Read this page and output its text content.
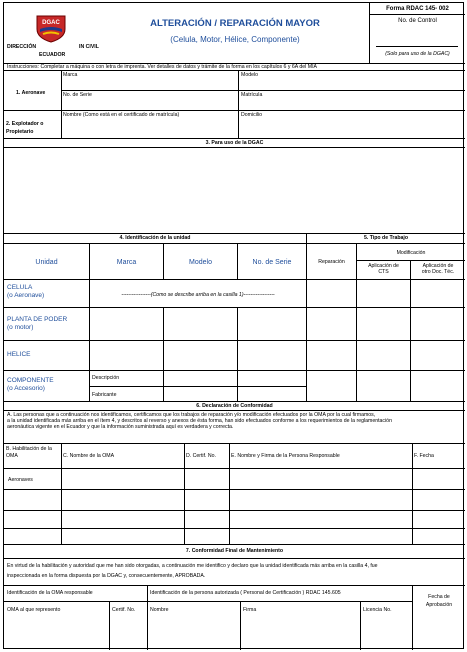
DGAC
DIRECCIÓN	IN CIVIL
ECUADOR
ALTERACIÓN / REPARACIÓN MAYOR
(Celula, Motor, Hélice, Componente)
Forma RDAC 145- 002
No. de Control
(Solo para uso de la DGAC)
Instrucciones: Completar a máquina o con letra de imprenta. Ver detalles de datos y trámite de la forma en los capítulos 6 y 6A del MIA
1. Aeronave
Marca	Modelo
No. de Serie	Matrícula
2. Explotador o Propietario
Nombre (Como está en el certificado de matrícula)	Domicilio
3. Para uso de la DGAC
4. Identificación de la unidad	5. Tipo de Trabajo
Unidad	Marca	Modelo	No. de Serie	Reparación
Modificación
Aplicación de
CTS
Aplicación de
otro Doc. Téc.
CELULA
(o Aeronave)	-----------------(Como se describe arriba en la casilla 1)------------------
PLANTA DE PODER
(o motor)
HELICE
COMPONENTE
(o Accesorio)
Descripción
Fabricante
6. Declaración de Conformidad
A. Las personas que a continuación nos identificamos, certificamos que los trabajos de reparación y/o modificación efectuados por la OMA por la cual firmamos,
a la unidad identificada más arriba en el ítem 4, y descritos al reverso y anexos de ésta forma, han sido efectuados conforme a los requerimientos de la reglamentación
aeronáutica vigente en el Ecuador y que la información suministrada aquí es verdadera y correcta.
B. Habilitación de la OMA	C. Nombre de la OMA	D. Certif. No.	E. Nombre y Firma de la Persona Responsable	F. Fecha
Aeronaves
7. Conformidad Final de Mantenimiento
En virtud de la habilitación y autoridad que me han sido otorgadas, a continuación me identifico y declaro que la unidad identificada más arriba en la casilla 4, fue
inspeccionada en la forma dispuesta por la DGAC y, consecuentemente, APROBADA.
Identificación de la OMA responsable	Identificación de la persona autorizada ( Personal de Certificación ) RDAC 145.605
Fecha de
Aprobación
OMA al que represento	Certif. No.	Nombre	Firma	Licencia No.
